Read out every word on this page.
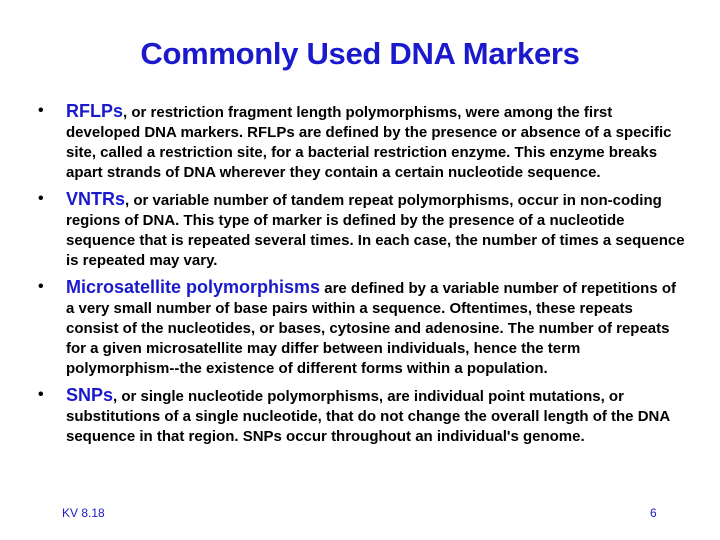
Commonly Used DNA Markers
• RFLPs, or restriction fragment length polymorphisms, were among the first developed DNA markers. RFLPs are defined by the presence or absence of a specific site, called a restriction site, for a bacterial restriction enzyme. This enzyme breaks apart strands of DNA wherever they contain a certain nucleotide sequence.
• VNTRs, or variable number of tandem repeat polymorphisms, occur in non-coding regions of DNA. This type of marker is defined by the presence of a nucleotide sequence that is repeated several times. In each case, the number of times a sequence is repeated may vary.
• Microsatellite polymorphisms are defined by a variable number of repetitions of a very small number of base pairs within a sequence. Oftentimes, these repeats consist of the nucleotides, or bases, cytosine and adenosine. The number of repeats for a given microsatellite may differ between individuals, hence the term polymorphism--the existence of different forms within a population.
• SNPs, or single nucleotide polymorphisms, are individual point mutations, or substitutions of a single nucleotide, that do not change the overall length of the DNA sequence in that region. SNPs occur throughout an individual's genome.
KV 8.18	6
